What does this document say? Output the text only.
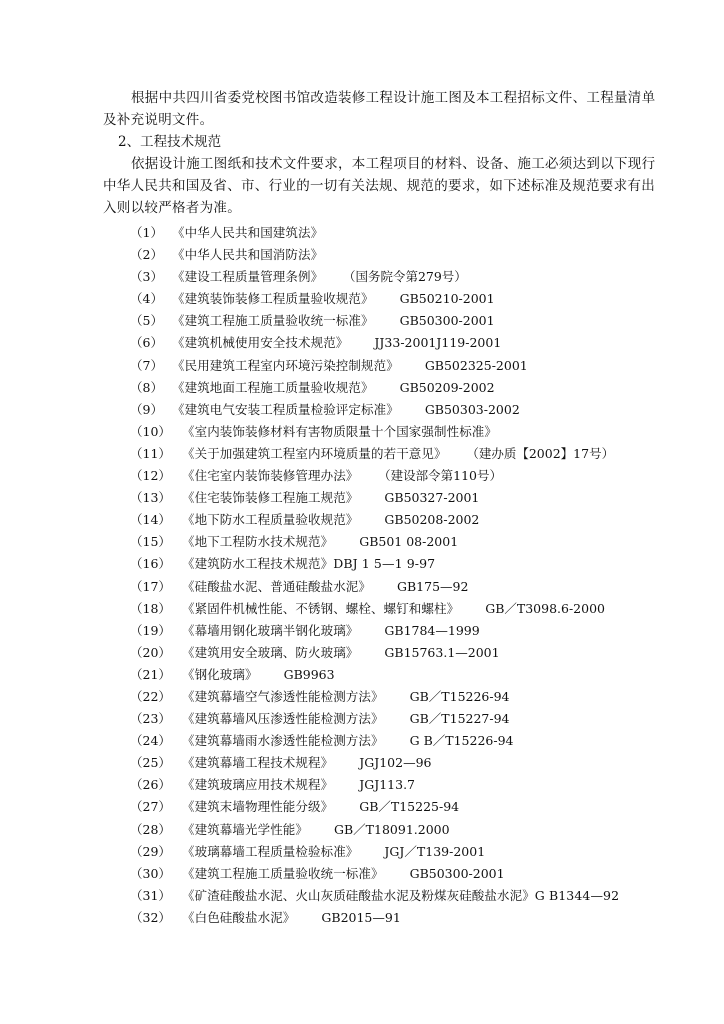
根据中共四川省委党校图书馆改造装修工程设计施工图及本工程招标文件、工程量清单及补充说明文件。

2、工程技术规范

依据设计施工图纸和技术文件要求，本工程项目的材料、设备、施工必须达到以下现行中华人民共和国及省、市、行业的一切有关法规、规范的要求，如下述标准及规范要求有出入则以较严格者为准。

（1） 《中华人民共和国建筑法》
（2） 《中华人民共和国消防法》
（3） 《建设工程质量管理条例》 （国务院令第279号）
（4） 《建筑装饰装修工程质量验收规范》 GB50210-2001
（5） 《建筑工程施工质量验收统一标准》 GB50300-2001
（6） 《建筑机械使用安全技术规范》 JJ33-2001J119-2001
（7） 《民用建筑工程室内环境污染控制规范》 GB502325-2001
（8） 《建筑地面工程施工质量验收规范》 GB50209-2002
（9） 《建筑电气安装工程质量检验评定标准》 GB50303-2002
（10） 《室内装饰装修材料有害物质限量十个国家强制性标准》
（11） 《关于加强建筑工程室内环境质量的若干意见》 （建办质【2002】17号）
（12） 《住宅室内装饰装修管理办法》 （建设部令第110号）
（13） 《住宅装饰装修工程施工规范》 GB50327-2001
（14） 《地下防水工程质量验收规范》 GB50208-2002
（15） 《地下工程防水技术规范》 GB501 08-2001
（16） 《建筑防水工程技术规范》DBJ 1 5—1 9-97
（17） 《硅酸盐水泥、普通硅酸盐水泥》 GB175—92
（18） 《紧固件机械性能、不锈钢、螺栓、螺钉和螺柱》 GB／T3098.6-2000
（19） 《幕墙用钢化玻璃半钢化玻璃》 GB1784—1999
（20） 《建筑用安全玻璃、防火玻璃》 GB15763.1—2001
（21） 《钢化玻璃》 GB9963
（22） 《建筑幕墙空气渗透性能检测方法》 GB／T15226-94
（23） 《建筑幕墙风压渗透性能检测方法》 GB／T15227-94
（24） 《建筑幕墙雨水渗透性能检测方法》 G B／T15226-94
（25） 《建筑幕墙工程技术规程》 JGJ102—96
（26） 《建筑玻璃应用技术规程》 JGJ113.7
（27） 《建筑末墙物理性能分级》 GB／T15225-94
（28） 《建筑幕墙光学性能》 GB／T18091.2000
（29） 《玻璃幕墙工程质量检验标准》 JGJ／T139-2001
（30） 《建筑工程施工质量验收统一标准》 GB50300-2001
（31） 《矿渣硅酸盐水泥、火山灰质硅酸盐水泥及粉煤灰硅酸盐水泥》G B1344—92
（32） 《白色硅酸盐水泥》 GB2015—91
